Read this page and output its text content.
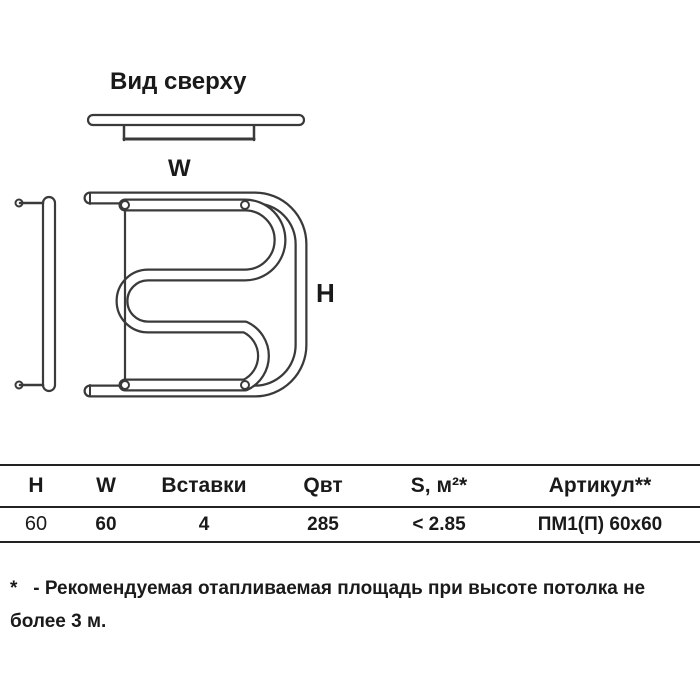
Вид сверху
W
H
H	W	Вставки	Qвт	S, м²*	Артикул**
60	60	4	285	< 2.85	ПМ1(П) 60x60
* - Рекомендуемая отапливаемая площадь при высоте потолка не более 3 м.
